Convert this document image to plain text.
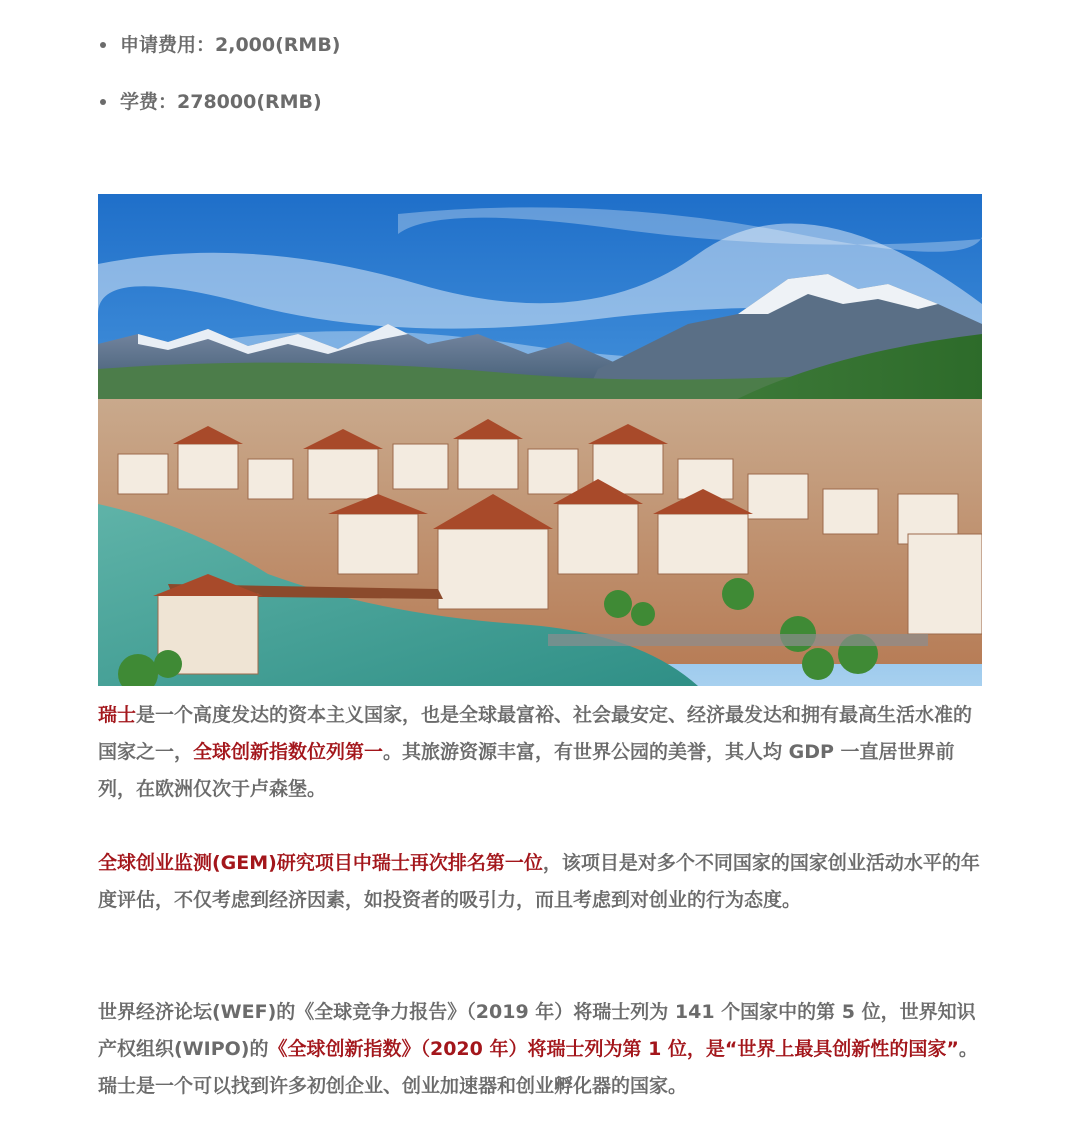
申请费用：2,000(RMB)
学费：278000(RMB)

瑞士是一个高度发达的资本主义国家，也是全球最富裕、社会最安定、经济最发达和拥有最高生活水准的国家之一，全球创新指数位列第一。其旅游资源丰富，有世界公园的美誉，其人均 GDP 一直居世界前列，在欧洲仅次于卢森堡。

全球创业监测(GEM)研究项目中瑞士再次排名第一位，该项目是对多个不同国家的国家创业活动水平的年度评估，不仅考虑到经济因素，如投资者的吸引力，而且考虑到对创业的行为态度。

世界经济论坛(WEF)的《全球竞争力报告》（2019 年）将瑞士列为 141 个国家中的第 5 位，世界知识产权组织(WIPO)的《全球创新指数》（2020 年）将瑞士列为第 1 位，是“世界上最具创新性的国家”。瑞士是一个可以找到许多初创企业、创业加速器和创业孵化器的国家。
